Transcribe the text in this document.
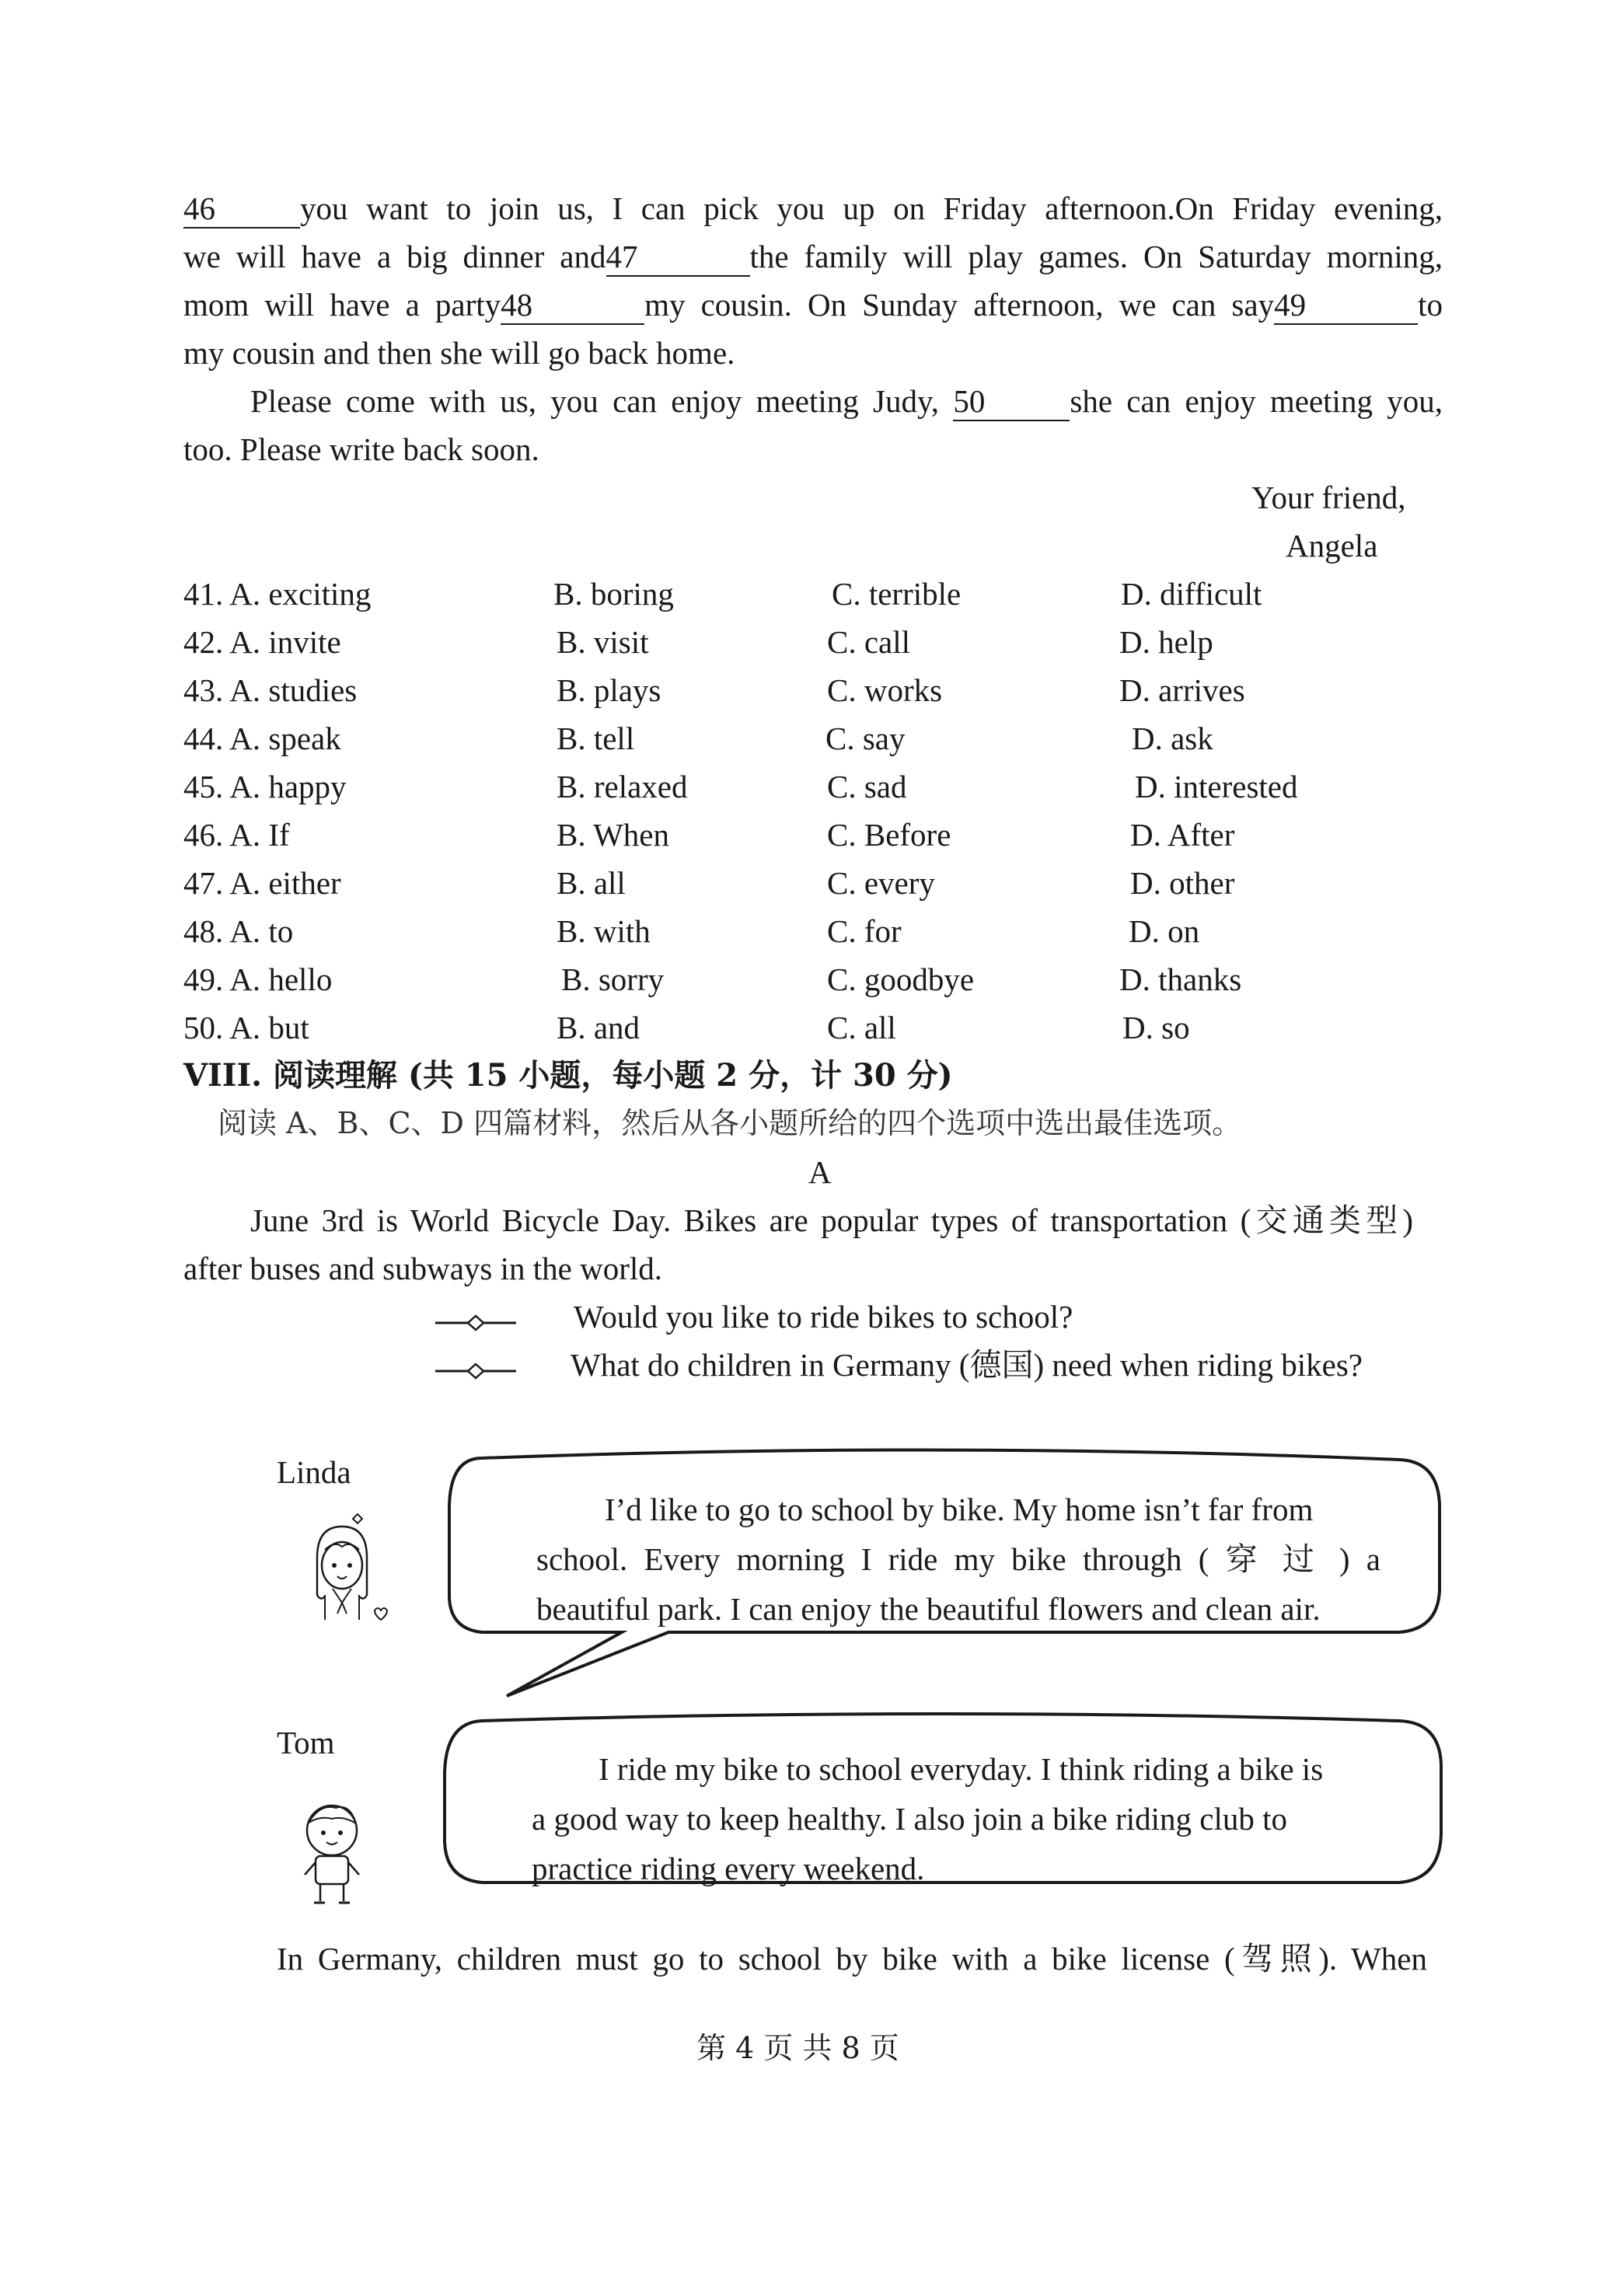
46	you want to join us, I can pick you up on Friday afternoon.On Friday evening,
we will have a big dinner and47	the family will play games. On Saturday morning,
mom will have a party48	my cousin. On Sunday afternoon, we can say49	to
my cousin and then she will go back home.
Please come with us, you can enjoy meeting Judy, 50	she can enjoy meeting you,
too. Please write back soon.
Your friend,
Angela
41. A. exciting	B. boring	C. terrible	D. difficult
42. A. invite	B. visit	C. call	D. help
43. A. studies	B. plays	C. works	D. arrives
44. A. speak	B. tell	C. say	D. ask
45. A. happy	B. relaxed	C. sad	D. interested
46. A. If	B. When	C. Before	D. After
47. A. either	B. all	C. every	D. other
48. A. to	B. with	C. for	D. on
49. A. hello	B. sorry	C. goodbye	D. thanks
50. A. but	B. and	C. all	D. so
VIII. 阅读理解 (共 15 小题，每小题 2 分，计 30 分)
阅读 A、B、C、D 四篇材料，然后从各小题所给的四个选项中选出最佳选项。
A
June 3rd is World Bicycle Day. Bikes are popular types of transportation (交通类型)
after buses and subways in the world.
Would you like to ride bikes to school?
What do children in Germany (德国) need when riding bikes?
Linda
I’d like to go to school by bike. My home isn’t far from
school. Every morning I ride my bike through ( 穿 过 ) a
beautiful park. I can enjoy the beautiful flowers and clean air.
Tom
I ride my bike to school everyday. I think riding a bike is
a good way to keep healthy. I also join a bike riding club to
practice riding every weekend.
In Germany, children must go to school by bike with a bike license (驾照). When
第 4 页 共 8 页
